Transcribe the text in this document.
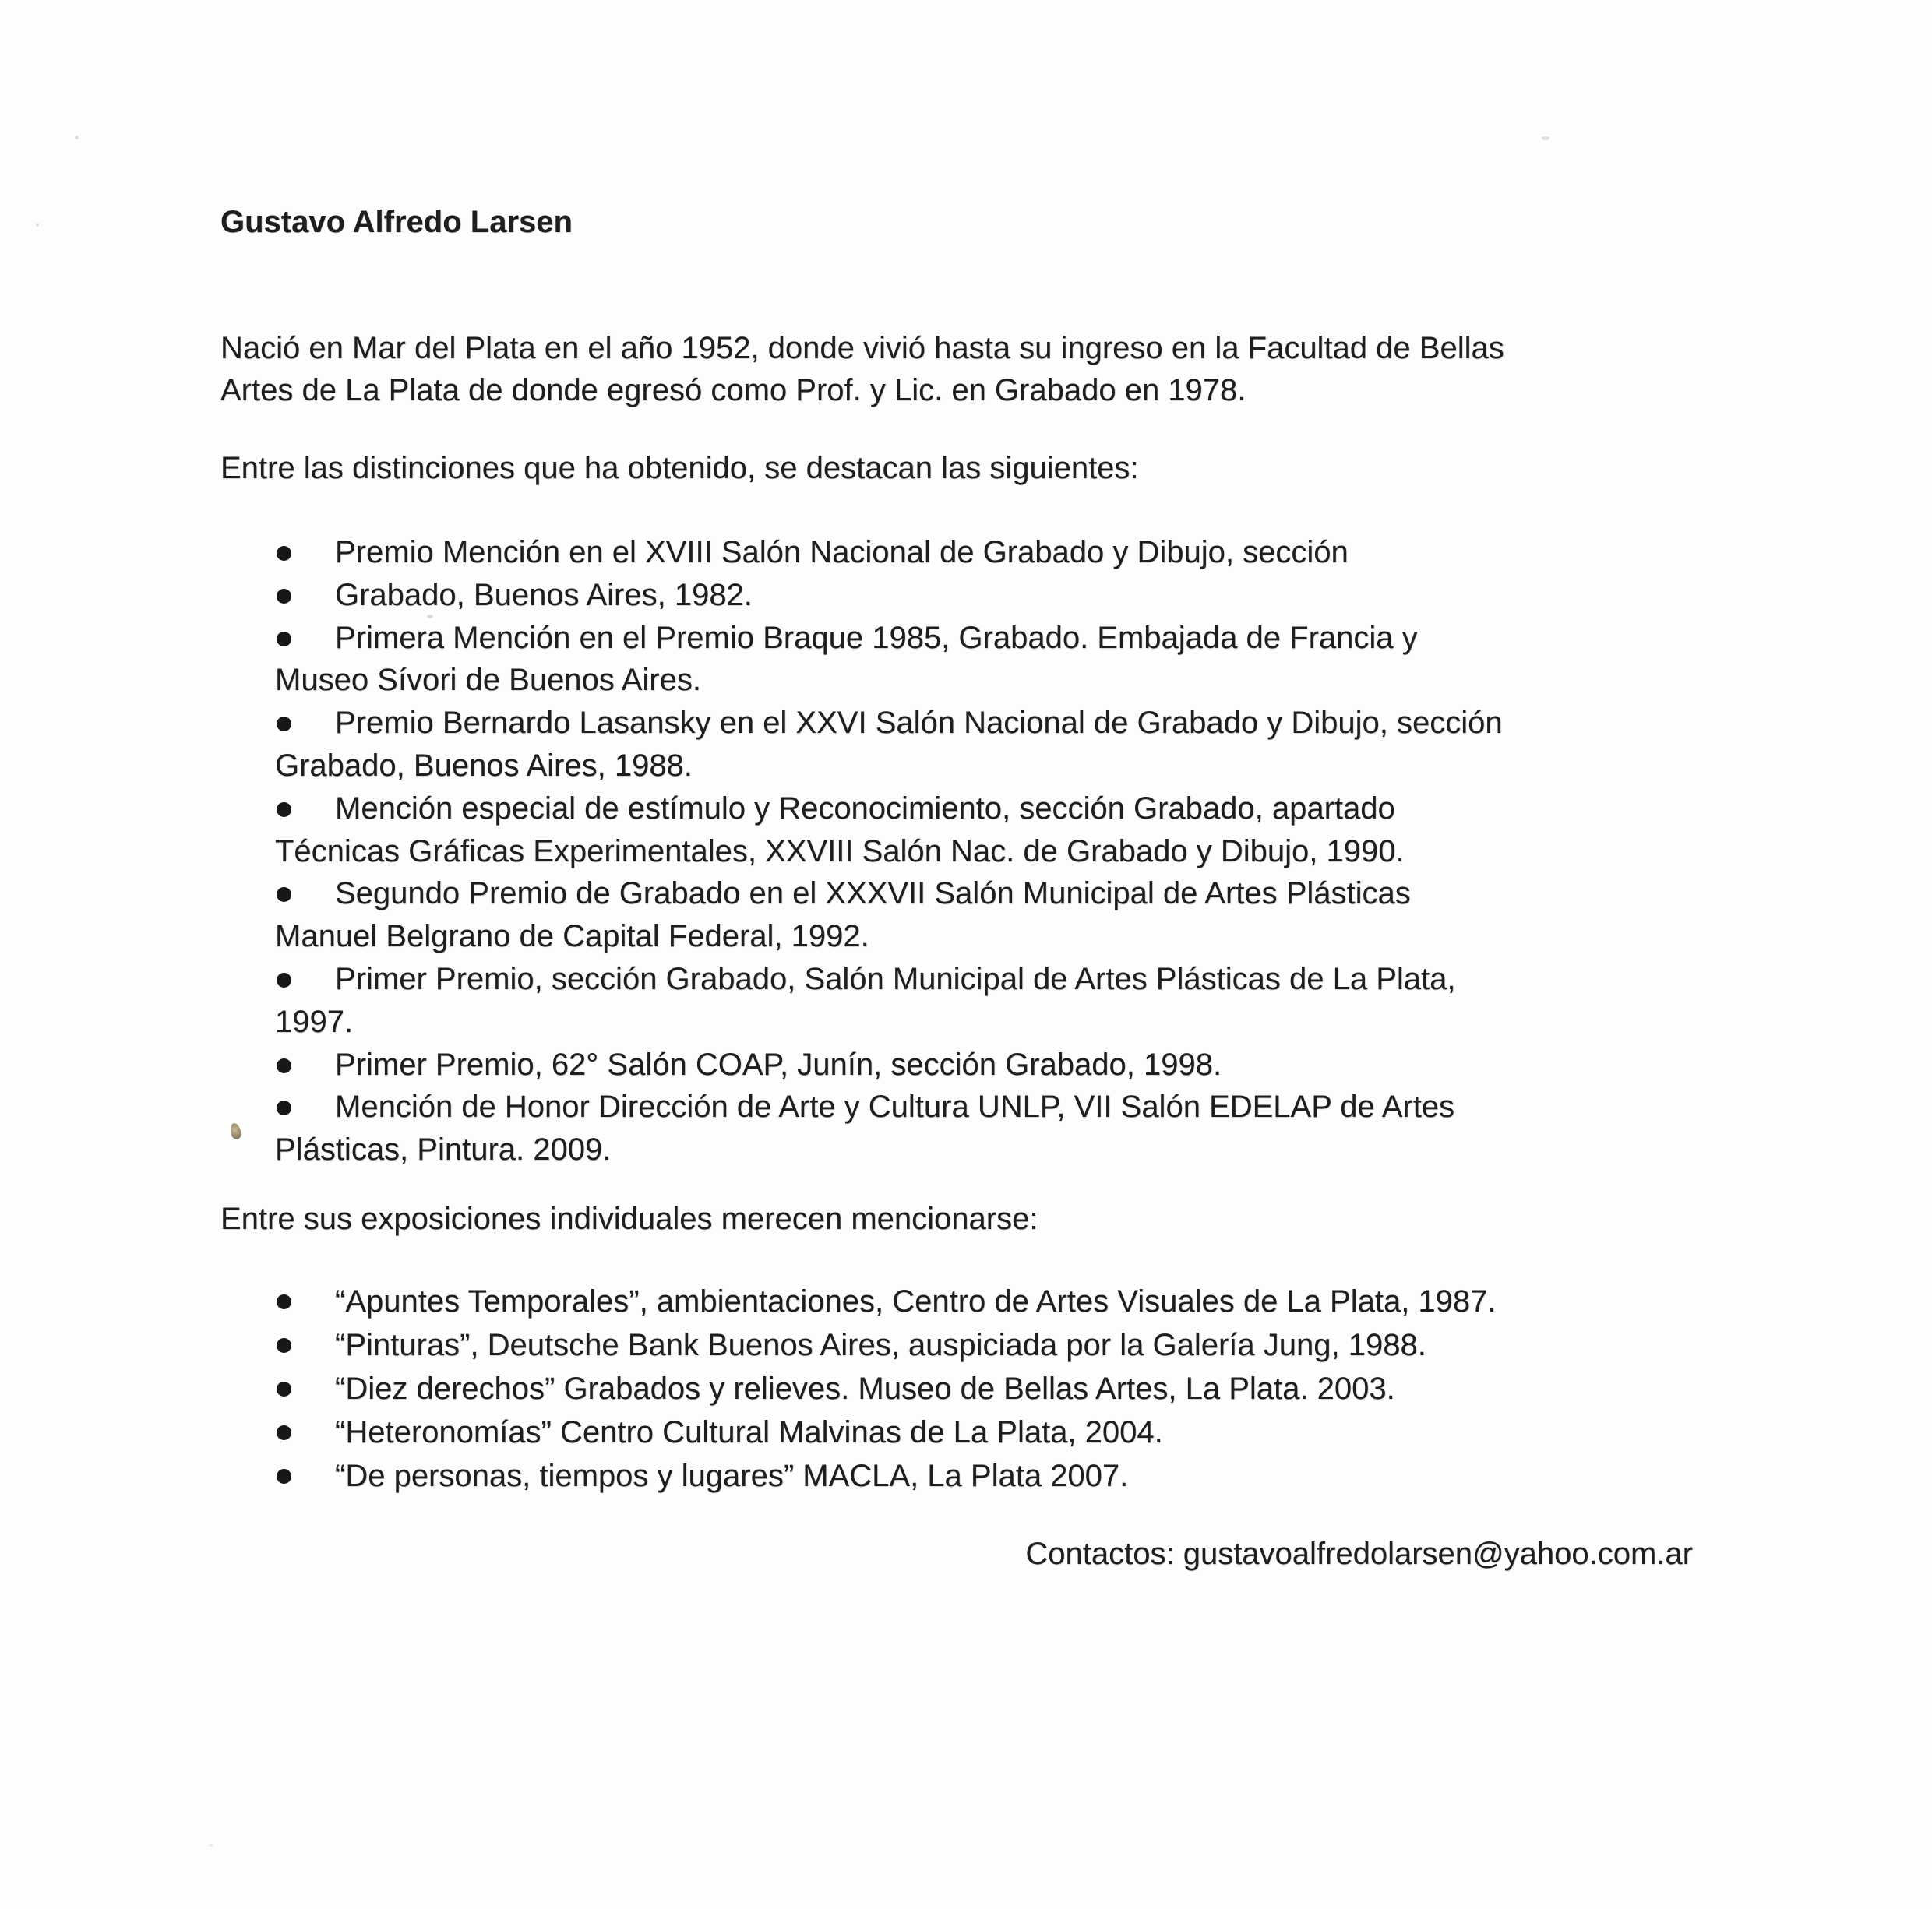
Gustavo Alfredo Larsen
Nació en Mar del Plata en el año 1952, donde vivió hasta su ingreso en la Facultad de Bellas
Artes de La Plata de donde egresó como Prof. y Lic. en Grabado en 1978.
Entre las distinciones que ha obtenido, se destacan las siguientes:
Premio Mención en el XVIII Salón Nacional de Grabado y Dibujo, sección
Grabado, Buenos Aires, 1982.
Primera Mención en el Premio Braque 1985, Grabado. Embajada de Francia y
Museo Sívori de Buenos Aires.
Premio Bernardo Lasansky en el XXVI Salón Nacional de Grabado y Dibujo, sección
Grabado, Buenos Aires, 1988.
Mención especial de estímulo y Reconocimiento, sección Grabado, apartado
Técnicas Gráficas Experimentales, XXVIII Salón Nac. de Grabado y Dibujo, 1990.
Segundo Premio de Grabado en el XXXVII Salón Municipal de Artes Plásticas
Manuel Belgrano de Capital Federal, 1992.
Primer Premio, sección Grabado, Salón Municipal de Artes Plásticas de La Plata,
1997.
Primer Premio, 62° Salón COAP, Junín, sección Grabado, 1998.
Mención de Honor Dirección de Arte y Cultura UNLP, VII Salón EDELAP de Artes
Plásticas, Pintura. 2009.
Entre sus exposiciones individuales merecen mencionarse:
“Apuntes Temporales”, ambientaciones, Centro de Artes Visuales de La Plata, 1987.
“Pinturas”, Deutsche Bank Buenos Aires, auspiciada por la Galería Jung, 1988.
“Diez derechos” Grabados y relieves. Museo de Bellas Artes, La Plata. 2003.
“Heteronomías” Centro Cultural Malvinas de La Plata, 2004.
“De personas, tiempos y lugares” MACLA, La Plata 2007.
Contactos: gustavoalfredolarsen@yahoo.com.ar
